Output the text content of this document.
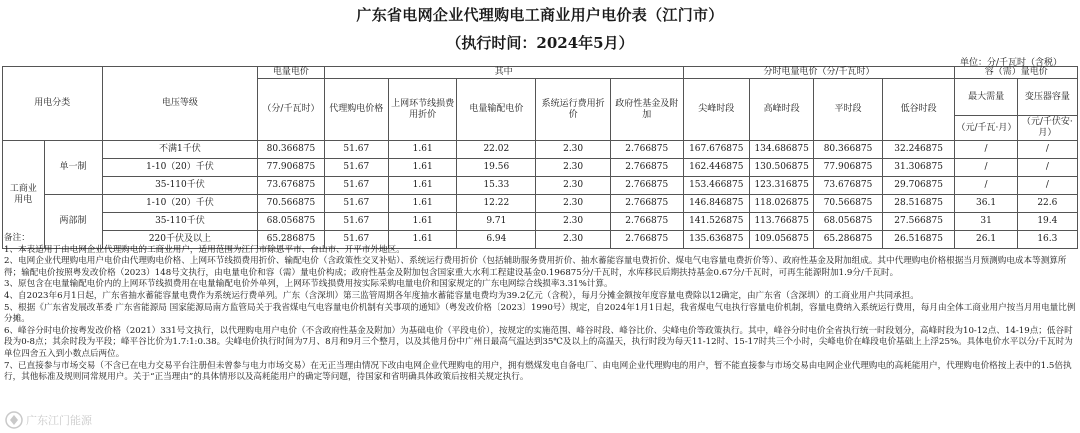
广东省电网企业代理购电工商业用户电价表（江门市）
（执行时间：2024年5月）
单位：分/千瓦时（含税）
用电分类		电压等级	电量电价	其中					分时电量电价（分/千瓦时）				容（需）量电价	
			（分/千瓦时）	代理购电价格	上网环节线损费用折价	电量输配电价	系统运行费用折价	政府性基金及附加	尖峰时段	高峰时段	平时段	低谷时段	最大需量	变压器容量
													（元/千瓦·月）	（元/千伏安·月）
工商业用电	单一制	不满1千伏	80.366875	51.67	1.61	22.02	2.30	2.766875	167.676875	134.686875	80.366875	32.246875	/	/
		1-10（20）千伏	77.906875	51.67	1.61	19.56	2.30	2.766875	162.446875	130.506875	77.906875	31.306875	/	/
		35-110千伏	73.676875	51.67	1.61	15.33	2.30	2.766875	153.466875	123.316875	73.676875	29.706875	/	/
	两部制	1-10（20）千伏	70.566875	51.67	1.61	12.22	2.30	2.766875	146.846875	118.026875	70.566875	28.516875	36.1	22.6
		35-110千伏	68.056875	51.67	1.61	9.71	2.30	2.766875	141.526875	113.766875	68.056875	27.566875	31	19.4
		220千伏及以上	65.286875	51.67	1.61	6.94	2.30	2.766875	135.636875	109.056875	65.286875	26.516875	26.1	16.3

备注：

1、本表适用于由电网企业代理购电的工商业用户，适用范围为江门市除恩平市、台山市、开平市外地区。

2、电网企业代理购电用户电价由代理购电价格、上网环节线损费用折价、输配电价（含政策性交叉补贴）、系统运行费用折价（包括辅助服务费用折价、抽水蓄能容量电费折价、煤电气电容量电费折价等）、政府性基金及附加组成。其中代理购电价格根据当月预测购电成本等测算所得；输配电价按照粤发改价格（2023）148号文执行，由电量电价和容（需）量电价构成；政府性基金及附加包含国家重大水利工程建设基金0.196875分/千瓦时，水库移民后期扶持基金0.67分/千瓦时，可再生能源附加1.9分/千瓦时。

3、原包含在电量输配电价内的上网环节线损费用在电量输配电价外单列，上网环节线损费用按实际采购电量电价和国家规定的广东电网综合线损率3.31%计算。

4、自2023年6月1日起，广东省抽水蓄能容量电费作为系统运行费单列。广东（含深圳）第三监管周期各年度抽水蓄能容量电费均为39.2亿元（含税），每月分摊金额按年度容量电费除以12确定，由广东省（含深圳）的工商业用户共同承担。

5、根据《广东省发展改革委 广东省能源局 国家能源局南方监管局关于我省煤电气电容量电价机制有关事项的通知》（粤发改价格〔2023〕1990号）规定，自2024年1月1日起，我省煤电气电执行容量电价机制，容量电费纳入系统运行费用，每月由全体工商业用户按当月用电量比例分摊。

6、峰谷分时电价按粤发改价格（2021）331号文执行，以代理购电用户电价（不含政府性基金及附加）为基础电价（平段电价），按规定的实施范围、峰谷时段、峰谷比价、尖峰电价等政策执行。其中，峰谷分时电价全省执行统一时段划分，高峰时段为10-12点、14-19点；低谷时段为0-8点；其余时段为平段；峰平谷比价为1.7:1:0.38。尖峰电价执行时间为7月、8月和9月三个整月，以及其他月份中广州日最高气温达到35℃及以上的高温天，执行时段为每天11-12时、15-17时共三个小时，尖峰电价在峰段电价基础上上浮25%。具体电价水平以分/千瓦时为单位四舍五入到小数点后两位。

7、已直接参与市场交易（不含已在电力交易平台注册但未曾参与电力市场交易）在无正当理由情况下改由电网企业代理购电的用户，拥有燃煤发电自备电厂、由电网企业代理购电的用户，暂不能直接参与市场交易由电网企业代理购电的高耗能用户，代理购电价格按上表中的1.5倍执行，其他标准及规则同常规用户。关于“正当理由”的具体情形以及高耗能用户的确定等问题，待国家和省明确具体政策后按相关规定执行。

广东江门能源
